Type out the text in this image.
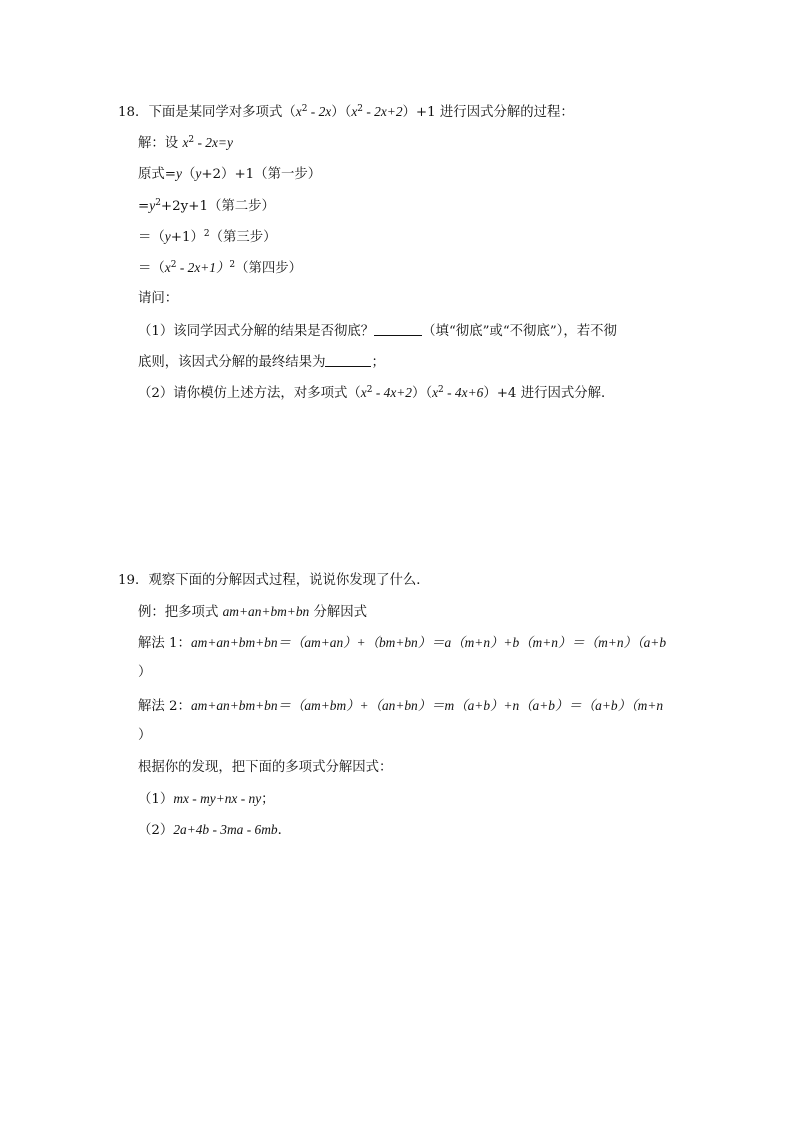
18．下面是某同学对多项式$(x^2 - 2x)(x^2 - 2x+2)+1$ 进行因式分解的过程：
解：设 $x^2 - 2x=y$
原式=y（y+2）+1（第一步）
$=y^2+2y+1$（第二步）
$=(y+1)^2$（第三步）
$=(x^2 - 2x+1)^2$（第四步）
请问：
（1）该同学因式分解的结果是否彻底？	（填“彻底”或“不彻底”），若不彻
底则，该因式分解的最终结果为	；
（2）请你模仿上述方法，对多项式$(x^2 - 4x+2)(x^2 - 4x+6)+4$ 进行因式分解．
19．观察下面的分解因式过程，说说你发现了什么．
例：把多项式 am+an+bm+bn 分解因式
解法 1：am+an+bm+bn＝（am+an）+（bm+bn）＝a（m+n）+b（m+n）＝（m+n）（a+b
）
解法 2：am+an+bm+bn＝（am+bm）+（an+bn）＝m（a+b）+n（a+b）＝（a+b）（m+n
）
根据你的发现，把下面的多项式分解因式：
（1）mx - my+nx - ny；
（2）2a+4b - 3ma - 6mb．
